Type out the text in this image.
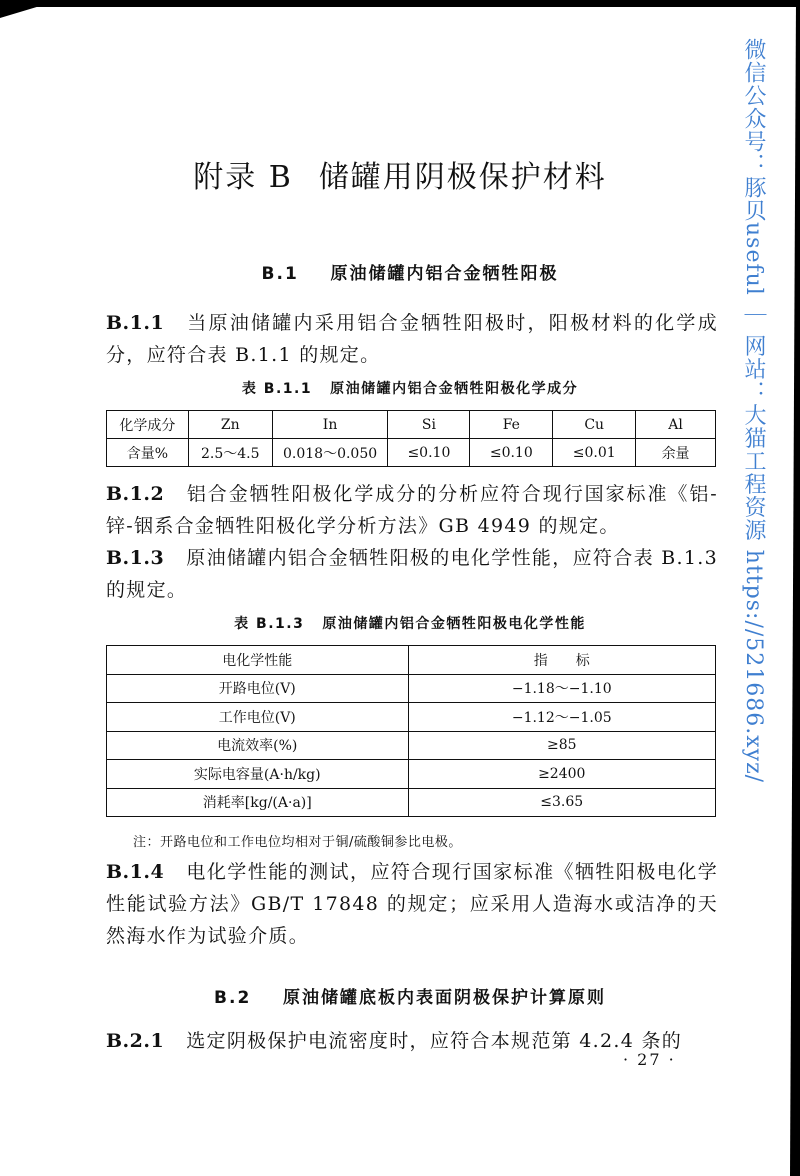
微信公众号：豚贝useful ｜ 网站：大猫工程资源 https://521686.xyz/
附录 B 储罐用阴极保护材料
B.1 原油储罐内铝合金牺牲阳极
B.1.1 当原油储罐内采用铝合金牺牲阳极时，阳极材料的化学成分，应符合表 B.1.1 的规定。
表 B.1.1 原油储罐内铝合金牺牲阳极化学成分
化学成分	Zn	In	Si	Fe	Cu	Al
含量%	2.5～4.5	0.018～0.050	≤0.10	≤0.10	≤0.01	余量
B.1.2 铝合金牺牲阳极化学成分的分析应符合现行国家标准《铝-锌-铟系合金牺牲阳极化学分析方法》GB 4949 的规定。
B.1.3 原油储罐内铝合金牺牲阳极的电化学性能，应符合表 B.1.3的规定。
表 B.1.3 原油储罐内铝合金牺牲阳极电化学性能
电化学性能	指　　标
开路电位(V)	−1.18～−1.10
工作电位(V)	−1.12～−1.05
电流效率(%)	≥85
实际电容量(A·h/kg)	≥2400
消耗率[kg/(A·a)]	≤3.65
注：开路电位和工作电位均相对于铜/硫酸铜参比电极。
B.1.4 电化学性能的测试，应符合现行国家标准《牺牲阳极电化学性能试验方法》GB/T 17848 的规定；应采用人造海水或洁净的天然海水作为试验介质。
B.2 原油储罐底板内表面阴极保护计算原则
B.2.1 选定阴极保护电流密度时，应符合本规范第 4.2.4 条的
· 27 ·
